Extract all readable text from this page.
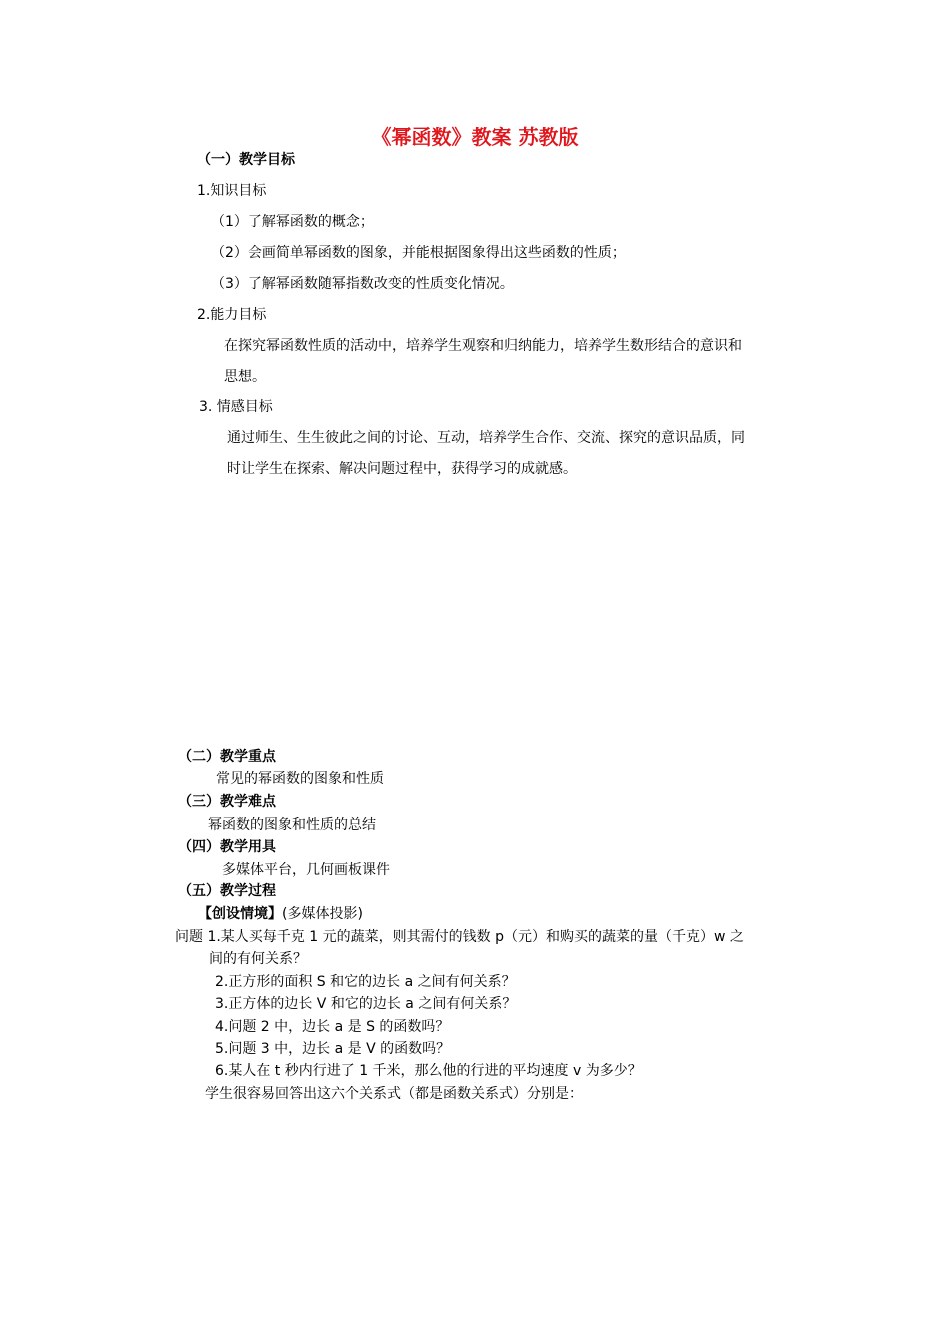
《幂函数》教案 苏教版
（一）教学目标
1.知识目标
（1）了解幂函数的概念；
（2）会画简单幂函数的图象，并能根据图象得出这些函数的性质；
（3）了解幂函数随幂指数改变的性质变化情况。
2.能力目标
在探究幂函数性质的活动中，培养学生观察和归纳能力，培养学生数形结合的意识和
思想。
3. 情感目标
通过师生、生生彼此之间的讨论、互动，培养学生合作、交流、探究的意识品质，同
时让学生在探索、解决问题过程中，获得学习的成就感。
（二）教学重点
常见的幂函数的图象和性质
（三）教学难点
幂函数的图象和性质的总结
（四）教学用具
多媒体平台，几何画板课件
（五）教学过程
【创设情境】(多媒体投影)
问题 1.某人买每千克 1 元的蔬菜，则其需付的钱数 p（元）和购买的蔬菜的量（千克）w 之
间的有何关系？
2.正方形的面积 S 和它的边长 a 之间有何关系？
3.正方体的边长 V 和它的边长 a 之间有何关系？
4.问题 2 中，边长 a 是 S 的函数吗？
5.问题 3 中，边长 a 是 V 的函数吗？
6.某人在 t 秒内行进了 1 千米，那么他的行进的平均速度 v 为多少？
学生很容易回答出这六个关系式（都是函数关系式）分别是：
